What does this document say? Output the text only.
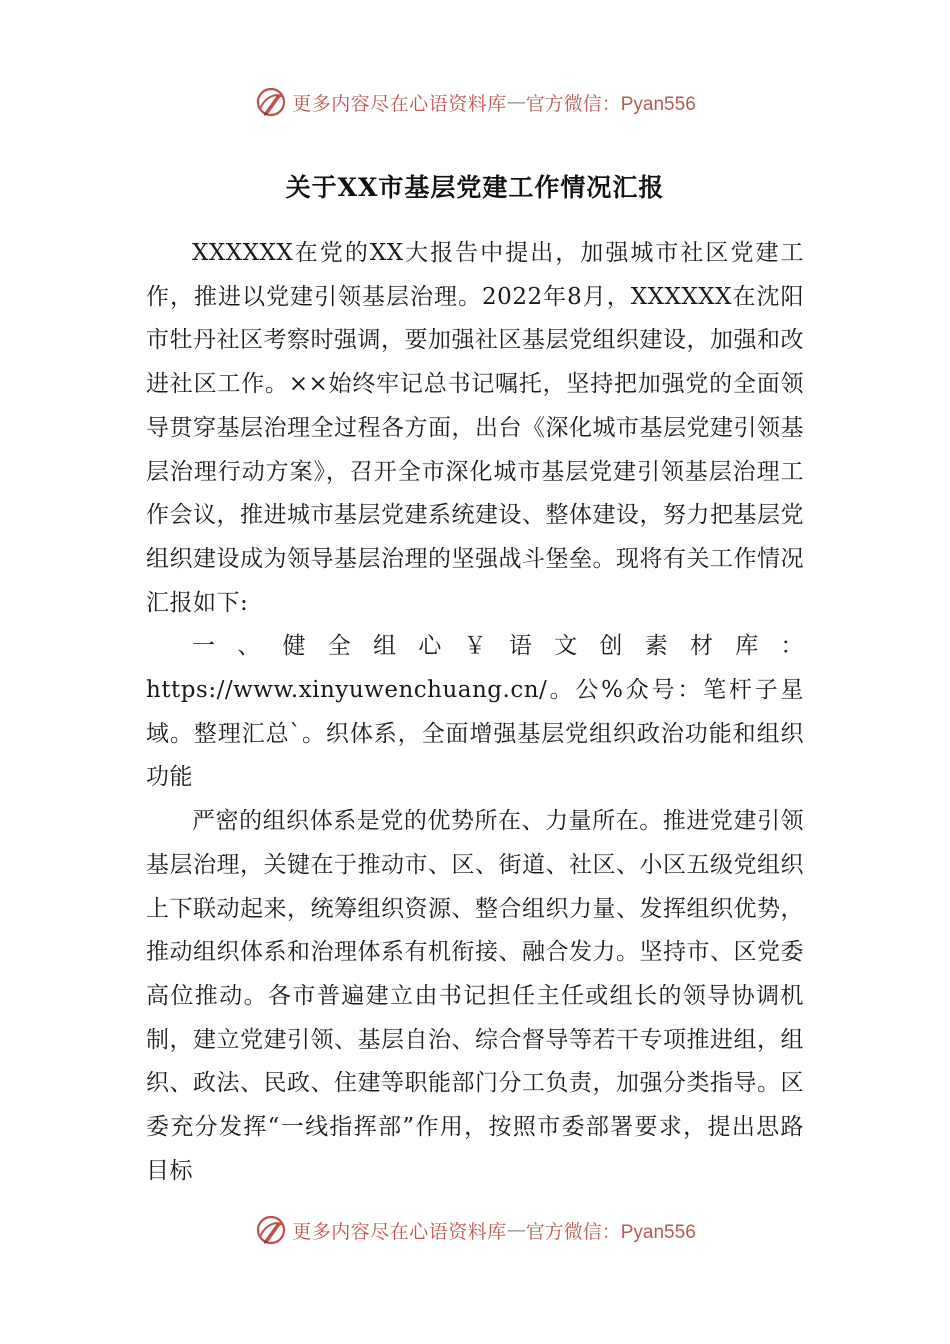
更多内容尽在心语资料库 — 官方微信：Pyan556
关于XX市基层党建工作情况汇报

XXXXXX在党的XX大报告中提出，加强城市社区党建工作，推进以党建引领基层治理。2022年8月，XXXXXX在沈阳市牡丹社区考察时强调，要加强社区基层党组织建设，加强和改进社区工作。××始终牢记总书记嘱托，坚持把加强党的全面领导贯穿基层治理全过程各方面，出台《深化城市基层党建引领基层治理行动方案》，召开全市深化城市基层党建引领基层治理工作会议，推进城市基层党建系统建设、整体建设，努力把基层党组织建设成为领导基层治理的坚强战斗堡垒。现将有关工作情况汇报如下:

一、健全组心￥语文创素材库：https://www.xinyuwenchuang.cn/。公%众号：笔杆子星域。整理汇总`。织体系，全面增强基层党组织政治功能和组织功能

严密的组织体系是党的优势所在、力量所在。推进党建引领基层治理，关键在于推动市、区、街道、社区、小区五级党组织上下联动起来，统筹组织资源、整合组织力量、发挥组织优势，推动组织体系和治理体系有机衔接、融合发力。坚持市、区党委高位推动。各市普遍建立由书记担任主任或组长的领导协调机制，建立党建引领、基层自治、综合督导等若干专项推进组，组织、政法、民政、住建等职能部门分工负责，加强分类指导。区委充分发挥“一线指挥部”作用，按照市委部署要求，提出思路目标

更多内容尽在心语资料库 — 官方微信：Pyan556
